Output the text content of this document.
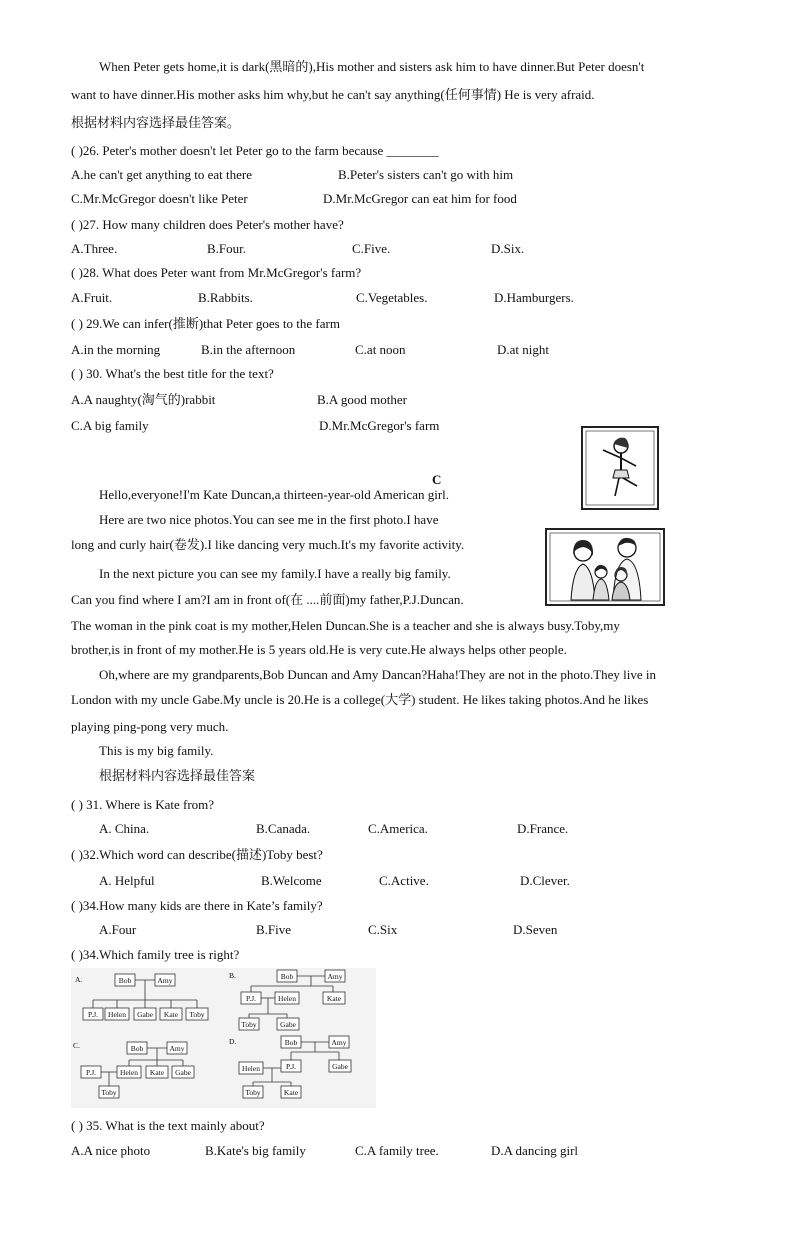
When Peter gets home,it is dark(黑暗的),His mother and sisters ask him to have dinner.But Peter doesn't
want to have dinner.His mother asks him why,but he can't say anything(任何事情) He is very afraid.
根据材料内容选择最佳答案。
( )26. Peter's mother doesn't let Peter go to the farm because ________
A.he can't get anything to eat there	B.Peter's sisters can't go with him
C.Mr.McGregor doesn't like Peter	D.Mr.McGregor can eat him for food
( )27. How many children does Peter's mother have?
A.Three.	B.Four.	C.Five.	D.Six.
( )28. What does Peter want from Mr.McGregor's farm?
A.Fruit.	B.Rabbits.	C.Vegetables.	D.Hamburgers.
( ) 29.We can infer(推断)that Peter goes to the farm
A.in the morning	B.in the afternoon	C.at noon	D.at night
( ) 30. What's the best title for the text?
A.A naughty(淘气的)rabbit	B.A good mother
C.A big family	D.Mr.McGregor's farm
C
Hello,everyone!I'm Kate Duncan,a thirteen-year-old American girl.
Here are two nice photos.You can see me in the first photo.I have
long and curly hair(卷发).I like dancing very much.It's my favorite activity.
In the next picture you can see my family.I have a really big family.
Can you find where I am?I am in front of(在 ....前面)my father,P.J.Duncan.
The woman in the pink coat is my mother,Helen Duncan.She is a teacher and she is always busy.Toby,my
brother,is in front of my mother.He is 5 years old.He is very cute.He always helps other people.
Oh,where are my grandparents,Bob Duncan and Amy Dancan?Haha!They are not in the photo.They live in
London with my uncle Gabe.My uncle is 20.He is a college(大学) student. He likes taking photos.And he likes
playing ping-pong very much.
This is my big family.
根据材料内容选择最佳答案
( ) 31. Where is Kate from?
A. China.	B.Canada.	C.America.	D.France.
( )32.Which word can describe(描述)Toby best?
A. Helpful	B.Welcome	C.Active.	D.Clever.
( )34.How many kids are there in Kate’s family?
A.Four	B.Five	C.Six	D.Seven
( )34.Which family tree is right?
A.	Bob	Amy
P.J. Helen Gabe Kate Toby
B.	Bob	Amy
P.J.	Helen	Kate
Toby	Gabe
C.	Bob	Amy
P.J.	Helen Kate Gabe
Toby
D.	Bob	Amy
Helen	P.J.	Gabe
Toby	Kate
( ) 35. What is the text mainly about?
A.A nice photo	B.Kate's big family	C.A family tree.	D.A dancing girl
